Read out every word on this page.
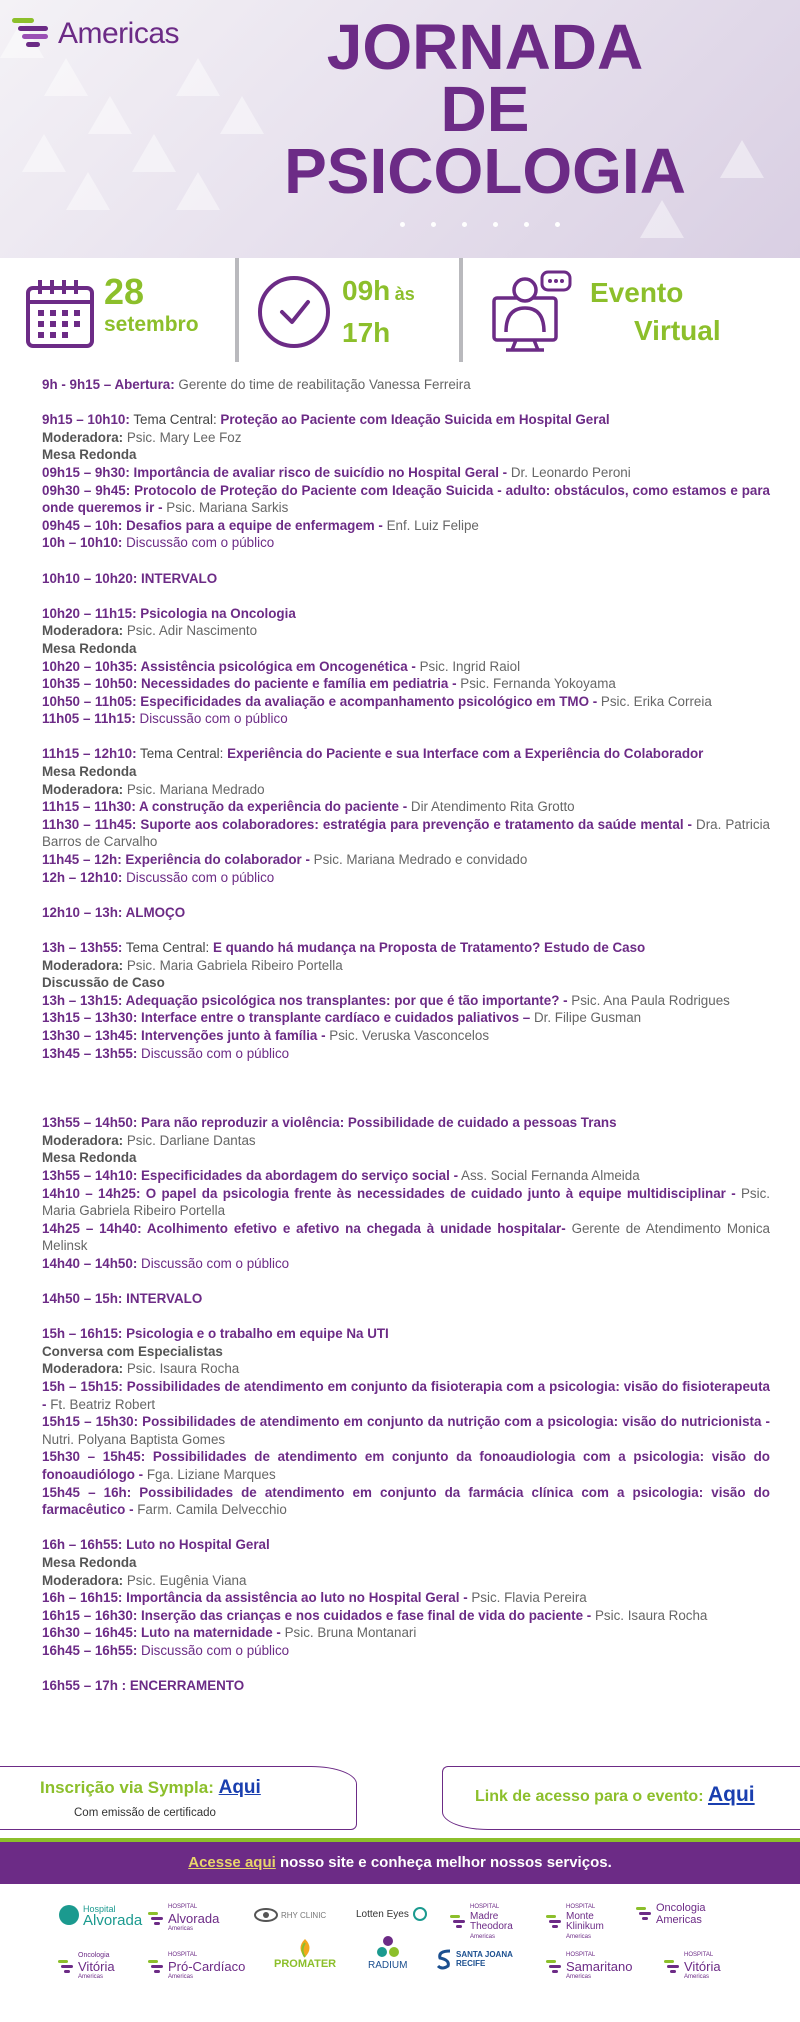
Americas	JORNADA
DE
PSICOLOGIA
28
setembro
09h às
17h
Evento
Virtual

9h - 9h15 – Abertura: Gerente do time de reabilitação Vanessa Ferreira

9h15 – 10h10: Tema Central: Proteção ao Paciente com Ideação Suicida em Hospital Geral

Moderadora: Psic. Mary Lee Foz

Mesa Redonda

09h15 – 9h30: Importância de avaliar risco de suicídio no Hospital Geral - Dr. Leonardo Peroni

09h30 – 9h45: Protocolo de Proteção do Paciente com Ideação Suicida - adulto: obstáculos, como estamos e para onde queremos ir - Psic. Mariana Sarkis

09h45 – 10h: Desafios para a equipe de enfermagem - Enf. Luiz Felipe

10h – 10h10: Discussão com o público

10h10 – 10h20: INTERVALO

10h20 – 11h15: Psicologia na Oncologia

Moderadora: Psic. Adir Nascimento

Mesa Redonda

10h20 – 10h35: Assistência psicológica em Oncogenética - Psic. Ingrid Raiol

10h35 – 10h50: Necessidades do paciente e família em pediatria - Psic. Fernanda Yokoyama

10h50 – 11h05: Especificidades da avaliação e acompanhamento psicológico em TMO - Psic. Erika Correia

11h05 – 11h15: Discussão com o público

11h15 – 12h10: Tema Central: Experiência do Paciente e sua Interface com a Experiência do Colaborador

Mesa Redonda

Moderadora: Psic. Mariana Medrado

11h15 – 11h30: A construção da experiência do paciente - Dir Atendimento Rita Grotto

11h30 – 11h45: Suporte aos colaboradores: estratégia para prevenção e tratamento da saúde mental - Dra. Patricia Barros de Carvalho

11h45 – 12h: Experiência do colaborador - Psic. Mariana Medrado e convidado

12h – 12h10: Discussão com o público

12h10 – 13h: ALMOÇO

13h – 13h55: Tema Central: E quando há mudança na Proposta de Tratamento? Estudo de Caso

Moderadora: Psic. Maria Gabriela Ribeiro Portella

Discussão de Caso

13h – 13h15: Adequação psicológica nos transplantes: por que é tão importante? - Psic. Ana Paula Rodrigues

13h15 – 13h30: Interface entre o transplante cardíaco e cuidados paliativos – Dr. Filipe Gusman

13h30 – 13h45: Intervenções junto à família - Psic. Veruska Vasconcelos

13h45 – 13h55: Discussão com o público

13h55 – 14h50: Para não reproduzir a violência: Possibilidade de cuidado a pessoas Trans

Moderadora: Psic. Darliane Dantas

Mesa Redonda

13h55 – 14h10: Especificidades da abordagem do serviço social - Ass. Social Fernanda Almeida

14h10 – 14h25: O papel da psicologia frente às necessidades de cuidado junto à equipe multidisciplinar - Psic. Maria Gabriela Ribeiro Portella

14h25 – 14h40: Acolhimento efetivo e afetivo na chegada à unidade hospitalar- Gerente de Atendimento Monica Melinsk

14h40 – 14h50: Discussão com o público

14h50 – 15h: INTERVALO

15h – 16h15: Psicologia e o trabalho em equipe Na UTI

Conversa com Especialistas

Moderadora: Psic. Isaura Rocha

15h – 15h15: Possibilidades de atendimento em conjunto da fisioterapia com a psicologia: visão do fisioterapeuta - Ft. Beatriz Robert

15h15 – 15h30: Possibilidades de atendimento em conjunto da nutrição com a psicologia: visão do nutricionista - Nutri. Polyana Baptista Gomes

15h30 – 15h45: Possibilidades de atendimento em conjunto da fonoaudiologia com a psicologia: visão do fonoaudiólogo - Fga. Liziane Marques

15h45 – 16h: Possibilidades de atendimento em conjunto da farmácia clínica com a psicologia: visão do farmacêutico - Farm. Camila Delvecchio

16h – 16h55: Luto no Hospital Geral

Mesa Redonda

Moderadora: Psic. Eugênia Viana

16h – 16h15: Importância da assistência ao luto no Hospital Geral - Psic. Flavia Pereira

16h15 – 16h30: Inserção das crianças e nos cuidados e fase final de vida do paciente - Psic. Isaura Rocha

16h30 – 16h45: Luto na maternidade - Psic. Bruna Montanari

16h45 – 16h55: Discussão com o público

16h55 – 17h : ENCERRAMENTO

Inscrição via Sympla: Aqui
Com emissão de certificado
Link de acesso para o evento: Aqui
Acesse aqui nosso site e conheça melhor nossos serviços.
Hospital
Alvorada
HOSPITAL
Alvorada
Americas
RHY CLINIC	Lotten Eyes
HOSPITAL
Madre Theodora
Americas
HOSPITAL
Monte Klinikum
Americas
Oncologia Americas
Oncologia
Vitória
Americas
HOSPITAL
Pró-Cardíaco
Americas
PROMATER	RADIUM
SANTA JOANA RECIFE
HOSPITAL
Samaritano
Americas
HOSPITAL
Vitória
Americas
